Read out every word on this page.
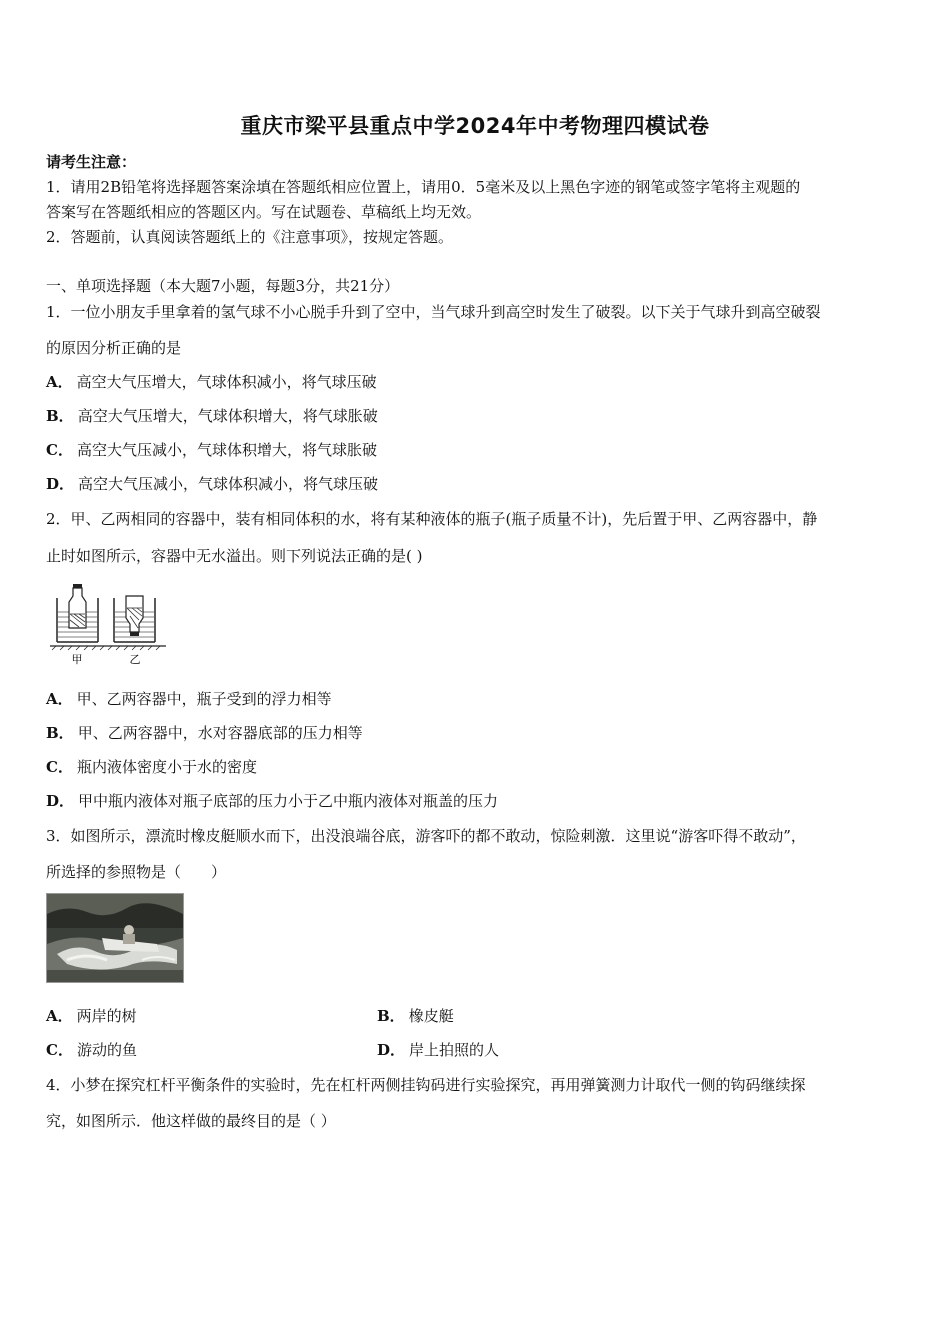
重庆市梁平县重点中学2024年中考物理四模试卷
请考生注意：
1．请用2B铅笔将选择题答案涂填在答题纸相应位置上，请用0．5毫米及以上黑色字迹的钢笔或签字笔将主观题的
答案写在答题纸相应的答题区内。写在试题卷、草稿纸上均无效。
2．答题前，认真阅读答题纸上的《注意事项》，按规定答题。
一、单项选择题（本大题7小题，每题3分，共21分）
1．一位小朋友手里拿着的氢气球不小心脱手升到了空中，当气球升到高空时发生了破裂。以下关于气球升到高空破裂
的原因分析正确的是
A． 高空大气压增大，气球体积减小，将气球压破
B． 高空大气压增大，气球体积增大，将气球胀破
C． 高空大气压减小，气球体积增大，将气球胀破
D． 高空大气压减小，气球体积减小，将气球压破
2．甲、乙两相同的容器中，装有相同体积的水，将有某种液体的瓶子(瓶子质量不计)，先后置于甲、乙两容器中，静
止时如图所示，容器中无水溢出。则下列说法正确的是( )
甲	乙
A． 甲、乙两容器中，瓶子受到的浮力相等
B． 甲、乙两容器中，水对容器底部的压力相等
C． 瓶内液体密度小于水的密度
D． 甲中瓶内液体对瓶子底部的压力小于乙中瓶内液体对瓶盖的压力
3．如图所示，漂流时橡皮艇顺水而下，出没浪端谷底，游客吓的都不敢动，惊险刺激．这里说“游客吓得不敢动”，
所选择的参照物是（　　）
A． 两岸的树	B． 橡皮艇
C． 游动的鱼	D． 岸上拍照的人
4．小梦在探究杠杆平衡条件的实验时，先在杠杆两侧挂钩码进行实验探究，再用弹簧测力计取代一侧的钩码继续探
究，如图所示．他这样做的最终目的是（ ）
